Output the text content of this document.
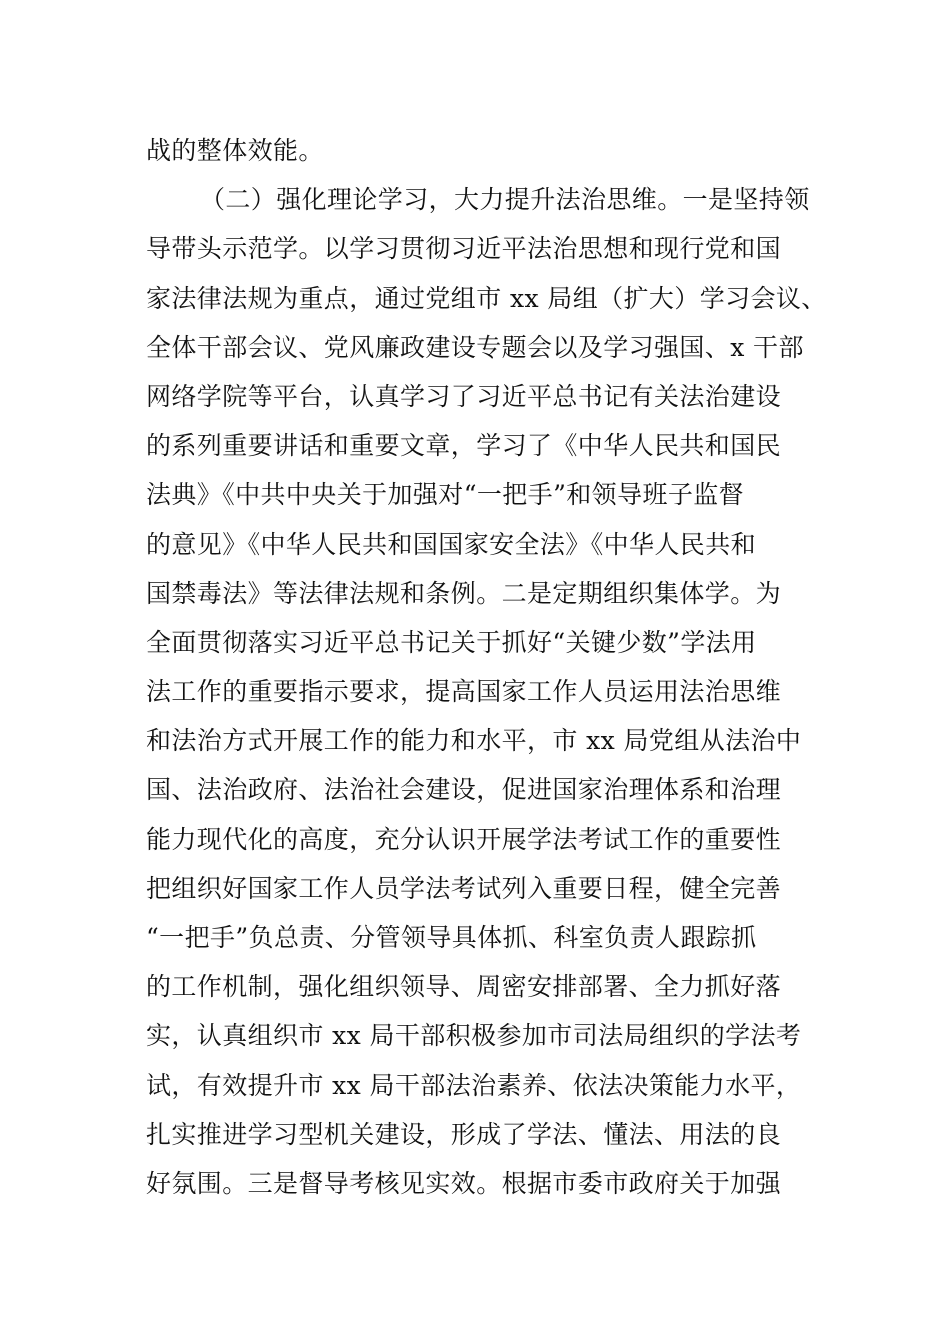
战的整体效能。
（二）强化理论学习，大力提升法治思维。一是坚持领
导带头示范学。以学习贯彻习近平法治思想和现行党和国
家法律法规为重点，通过党组市 xx 局组（扩大）学习会议、
全体干部会议、党风廉政建设专题会以及学习强国、x 干部
网络学院等平台，认真学习了习近平总书记有关法治建设
的系列重要讲话和重要文章，学习了《中华人民共和国民
法典》《中共中央关于加强对“一把手”和领导班子监督
的意见》《中华人民共和国国家安全法》《中华人民共和
国禁毒法》等法律法规和条例。二是定期组织集体学。为
全面贯彻落实习近平总书记关于抓好“关键少数”学法用
法工作的重要指示要求，提高国家工作人员运用法治思维
和法治方式开展工作的能力和水平，市 xx 局党组从法治中
国、法治政府、法治社会建设，促进国家治理体系和治理
能力现代化的高度，充分认识开展学法考试工作的重要性
把组织好国家工作人员学法考试列入重要日程，健全完善
“一把手”负总责、分管领导具体抓、科室负责人跟踪抓
的工作机制，强化组织领导、周密安排部署、全力抓好落
实，认真组织市 xx 局干部积极参加市司法局组织的学法考
试，有效提升市 xx 局干部法治素养、依法决策能力水平，
扎实推进学习型机关建设，形成了学法、懂法、用法的良
好氛围。三是督导考核见实效。根据市委市政府关于加强
